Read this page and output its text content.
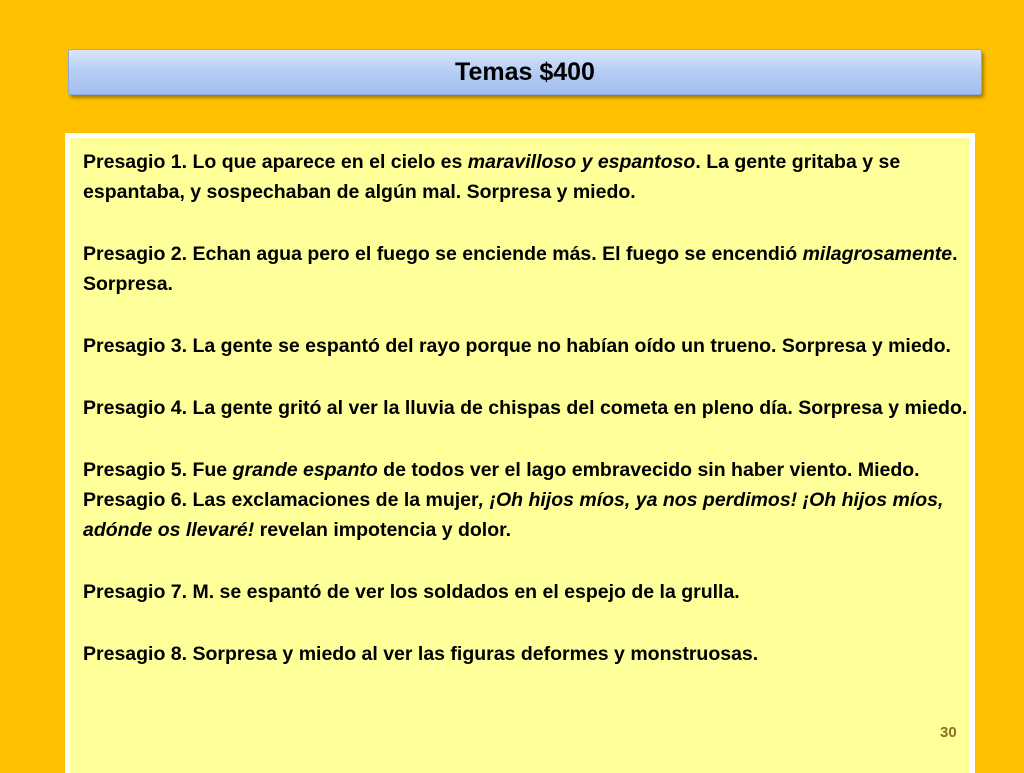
Temas $400

Presagio 1. Lo que aparece en el cielo es maravilloso y espantoso. La gente gritaba y se espantaba, y sospechaban de algún mal. Sorpresa y miedo.

Presagio 2. Echan agua pero el fuego se enciende más. El fuego se encendió milagrosamente. Sorpresa.

Presagio 3. La gente se espantó del rayo porque no habían oído un trueno. Sorpresa y miedo.

Presagio 4. La gente gritó al ver la lluvia de chispas del cometa en pleno día. Sorpresa y miedo.

Presagio 5. Fue grande espanto de todos ver el lago embravecido sin haber viento. Miedo.

Presagio 6. Las exclamaciones de la mujer, ¡Oh hijos míos, ya nos perdimos! ¡Oh hijos míos, adónde os llevaré! revelan impotencia y dolor.

Presagio 7. M. se espantó de ver los soldados en el espejo de la grulla.

Presagio 8. Sorpresa y miedo al ver las figuras deformes y monstruosas.

30
